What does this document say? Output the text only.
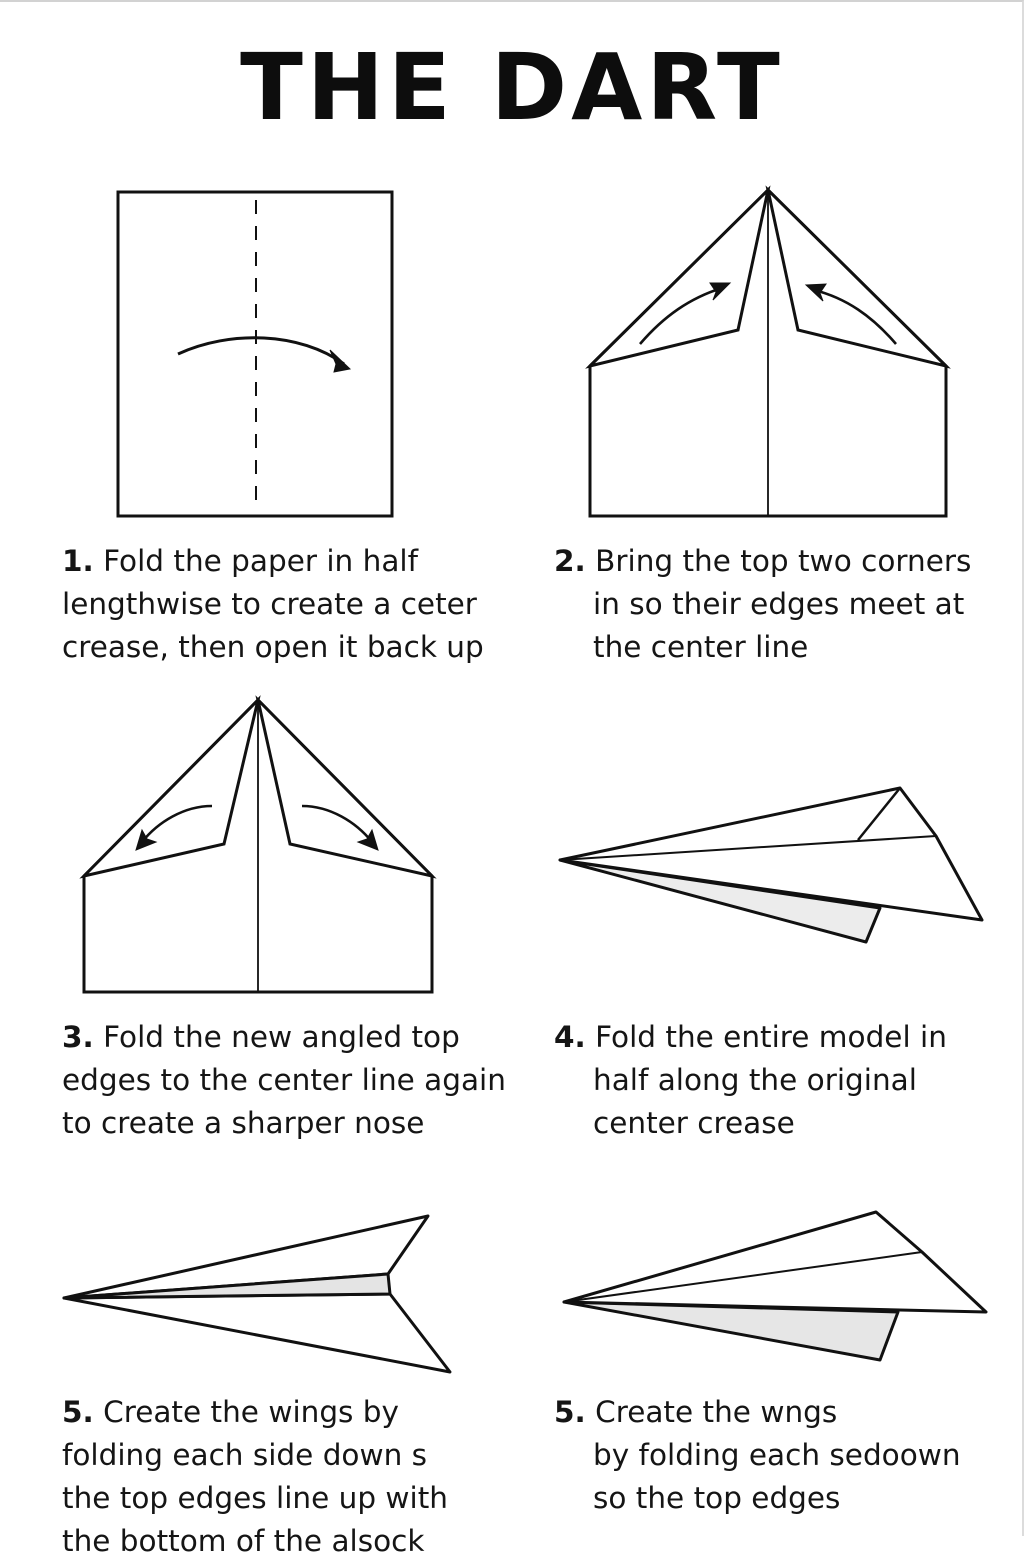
THE DART
1. Fold the paper in half
lengthwise to create a ceter
crease, then open it back up
2. Bring the top two corners
in so their edges meet at
the center line
3. Fold the new angled top
edges to the center line again
to create a sharper nose
4. Fold the entire model in
half along the original
center crease
5. Create the wings by
folding each side down s
the top edges line up with
the bottom of the alsock
5. Create the wngs
by folding each sedoown
so the top edges
